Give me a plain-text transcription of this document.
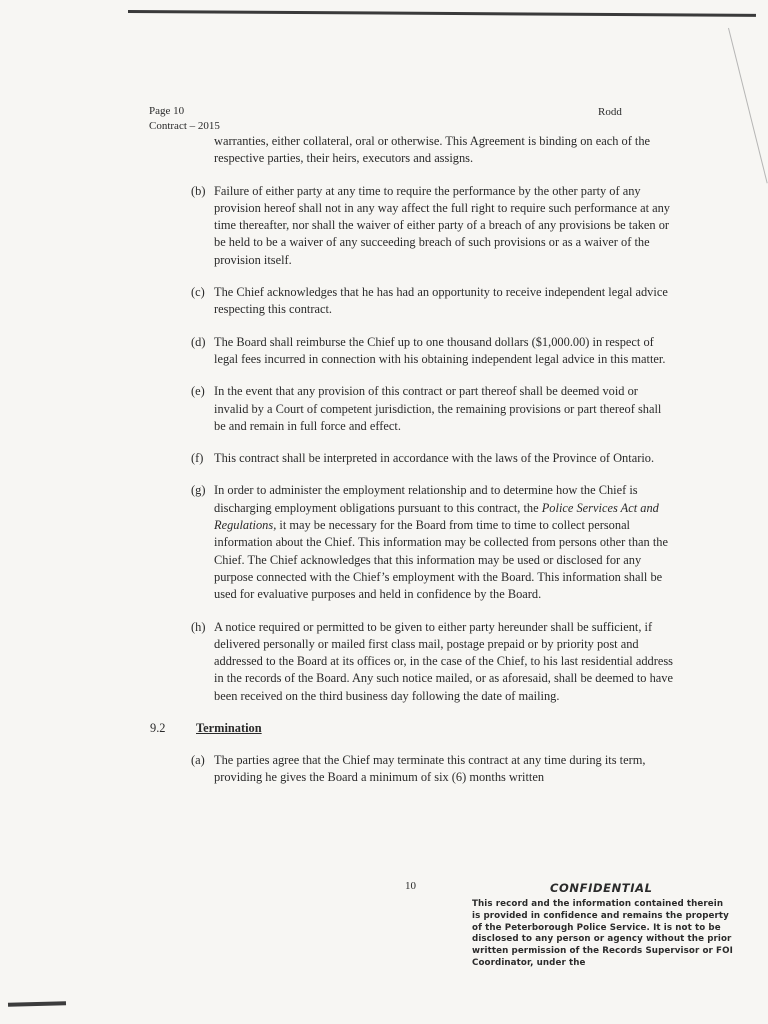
Page 10
Contract – 2015
Rodd
warranties, either collateral, oral or otherwise. This Agreement is binding on each of the respective parties, their heirs, executors and assigns.
(b) Failure of either party at any time to require the performance by the other party of any provision hereof shall not in any way affect the full right to require such performance at any time thereafter, nor shall the waiver of either party of a breach of any provisions be taken or be held to be a waiver of any succeeding breach of such provisions or as a waiver of the provision itself.
(c) The Chief acknowledges that he has had an opportunity to receive independent legal advice respecting this contract.
(d) The Board shall reimburse the Chief up to one thousand dollars ($1,000.00) in respect of legal fees incurred in connection with his obtaining independent legal advice in this matter.
(e) In the event that any provision of this contract or part thereof shall be deemed void or invalid by a Court of competent jurisdiction, the remaining provisions or part thereof shall be and remain in full force and effect.
(f) This contract shall be interpreted in accordance with the laws of the Province of Ontario.
(g) In order to administer the employment relationship and to determine how the Chief is discharging employment obligations pursuant to this contract, the Police Services Act and Regulations, it may be necessary for the Board from time to time to collect personal information about the Chief. This information may be collected from persons other than the Chief. The Chief acknowledges that this information may be used or disclosed for any purpose connected with the Chief’s employment with the Board. This information shall be used for evaluative purposes and held in confidence by the Board.
(h) A notice required or permitted to be given to either party hereunder shall be sufficient, if delivered personally or mailed first class mail, postage prepaid or by priority post and addressed to the Board at its offices or, in the case of the Chief, to his last residential address in the records of the Board. Any such notice mailed, or as aforesaid, shall be deemed to have been received on the third business day following the date of mailing.
9.2 Termination
(a) The parties agree that the Chief may terminate this contract at any time during its term, providing he gives the Board a minimum of six (6) months written
10	CONFIDENTIAL
This record and the information contained therein is provided in confidence and remains the property of the Peterborough Police Service. It is not to be disclosed to any person or agency without the prior written permission of the Records Supervisor or FOI Coordinator, under the
